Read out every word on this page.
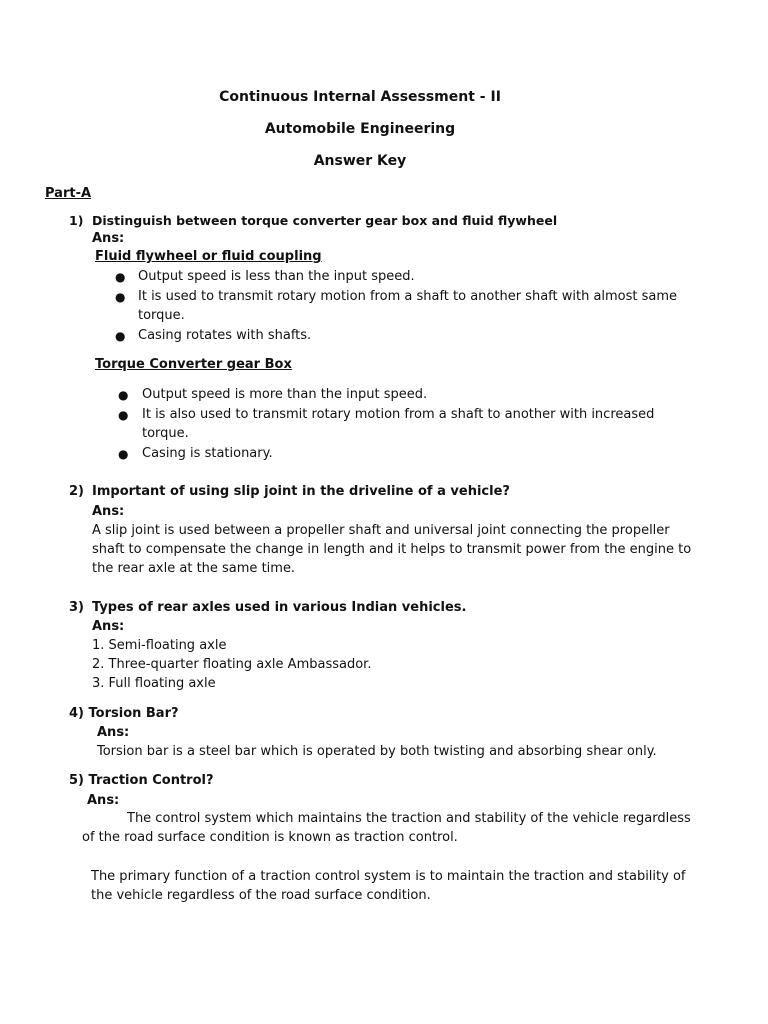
Continuous Internal Assessment - II
Automobile Engineering
Answer Key
Part-A
1) Distinguish between torque converter gear box and fluid flywheel
Ans:
Fluid flywheel or fluid coupling
● Output speed is less than the input speed.
● It is used to transmit rotary motion from a shaft to another shaft with almost same
torque.
● Casing rotates with shafts.
Torque Converter gear Box
● Output speed is more than the input speed.
● It is also used to transmit rotary motion from a shaft to another with increased
torque.
● Casing is stationary.
2) Important of using slip joint in the driveline of a vehicle?
Ans:
A slip joint is used between a propeller shaft and universal joint connecting the propeller
shaft to compensate the change in length and it helps to transmit power from the engine to
the rear axle at the same time.
3) Types of rear axles used in various Indian vehicles.
Ans:
1. Semi-floating axle
2. Three-quarter floating axle Ambassador.
3. Full floating axle
4) Torsion Bar?
Ans:
Torsion bar is a steel bar which is operated by both twisting and absorbing shear only.
5) Traction Control?
Ans:
The control system which maintains the traction and stability of the vehicle regardless
of the road surface condition is known as traction control.
The primary function of a traction control system is to maintain the traction and stability of
the vehicle regardless of the road surface condition.
